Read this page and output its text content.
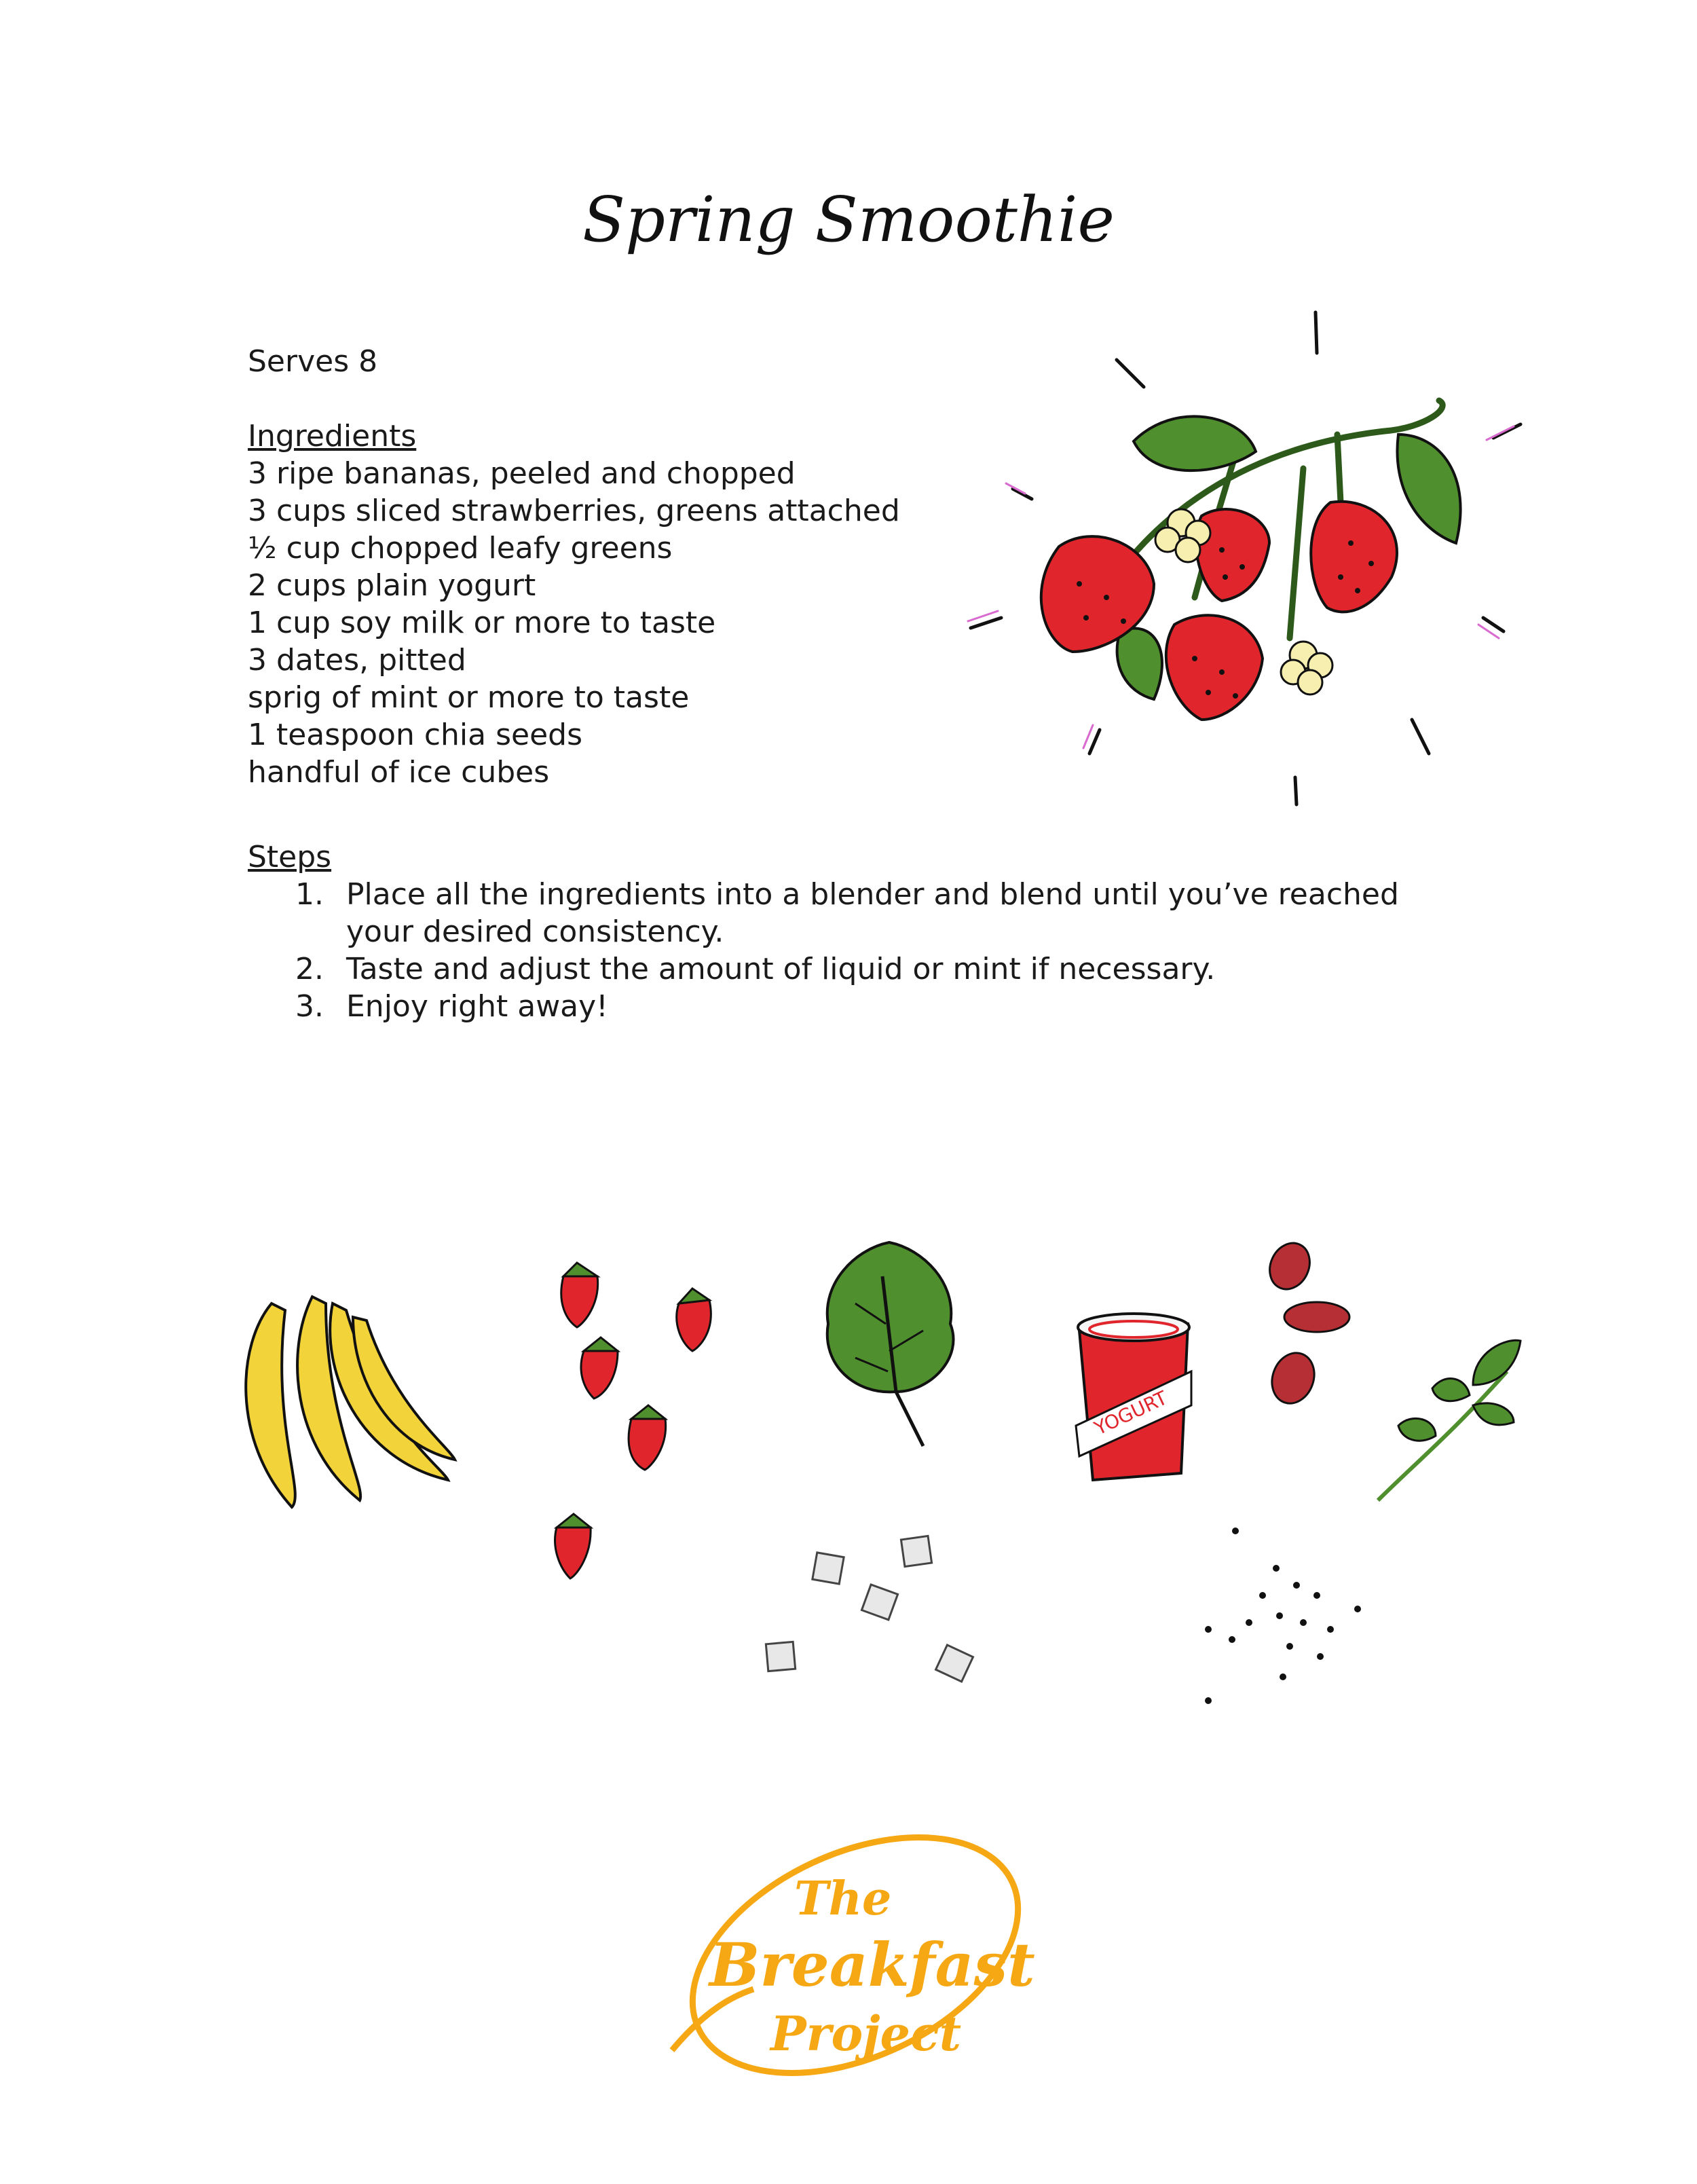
Spring Smoothie

Serves 8

Ingredients
3 ripe bananas, peeled and chopped
3 cups sliced strawberries, greens attached
½ cup chopped leafy greens
2 cups plain yogurt
1 cup soy milk or more to taste
3 dates, pitted
sprig of mint or more to taste
1 teaspoon chia seeds
handful of ice cubes
Steps
1. Place all the ingredients into a blender and blend until you’ve reached your desired consistency.
2. Taste and adjust the amount of liquid or mint if necessary.
3. Enjoy right away!
YOGURT
The
Breakfast
Project
